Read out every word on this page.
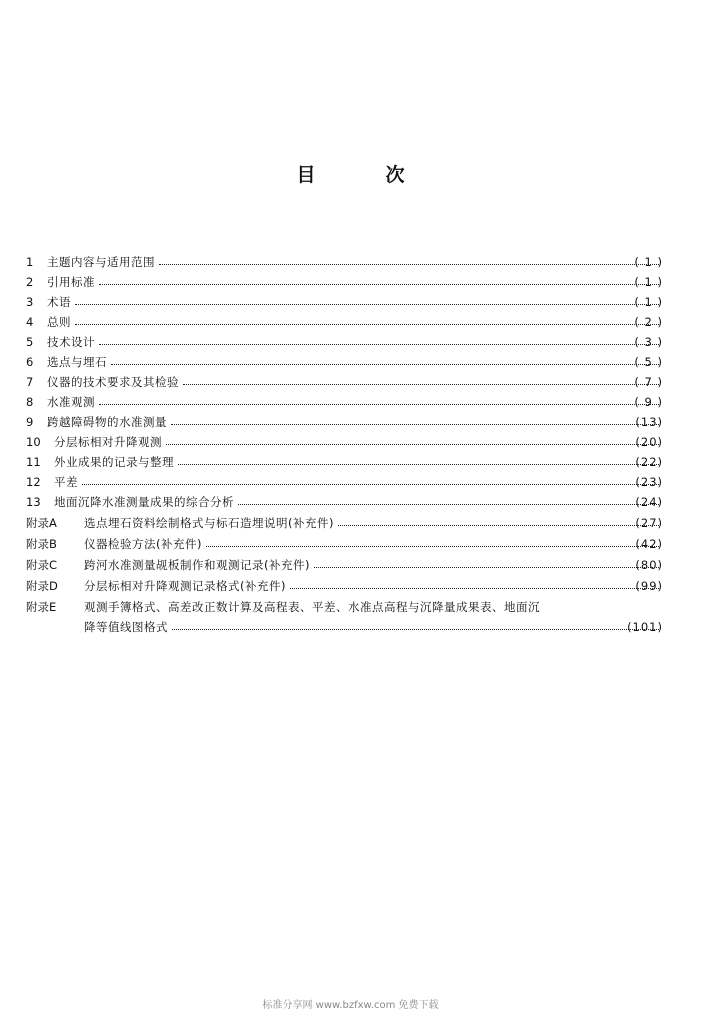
目	次
1	主题内容与适用范围	( 1 )
2	引用标准	( 1 )
3	术语	( 1 )
4	总则	( 2 )
5	技术设计	( 3 )
6	选点与埋石	( 5 )
7	仪器的技术要求及其检验	( 7 )
8	水准观测	( 9 )
9	跨越障碍物的水准测量	(13)
10	分层标相对升降观测	(20)
11	外业成果的记录与整理	(22)
12	平差	(23)
13	地面沉降水准测量成果的综合分析	(24)
附录A	选点埋石资料绘制格式与标石造埋说明(补充件)	(27)
附录B	仪器检验方法(补充件)	(42)
附录C	跨河水准测量觇板制作和观测记录(补充件)	(80)
附录D	分层标相对升降观测记录格式(补充件)	(99)
附录E	观测手簿格式、高差改正数计算及高程表、平差、水准点高程与沉降量成果表、地面沉
降等值线图格式	(101)
标准分享网 www.bzfxw.com 免费下载
